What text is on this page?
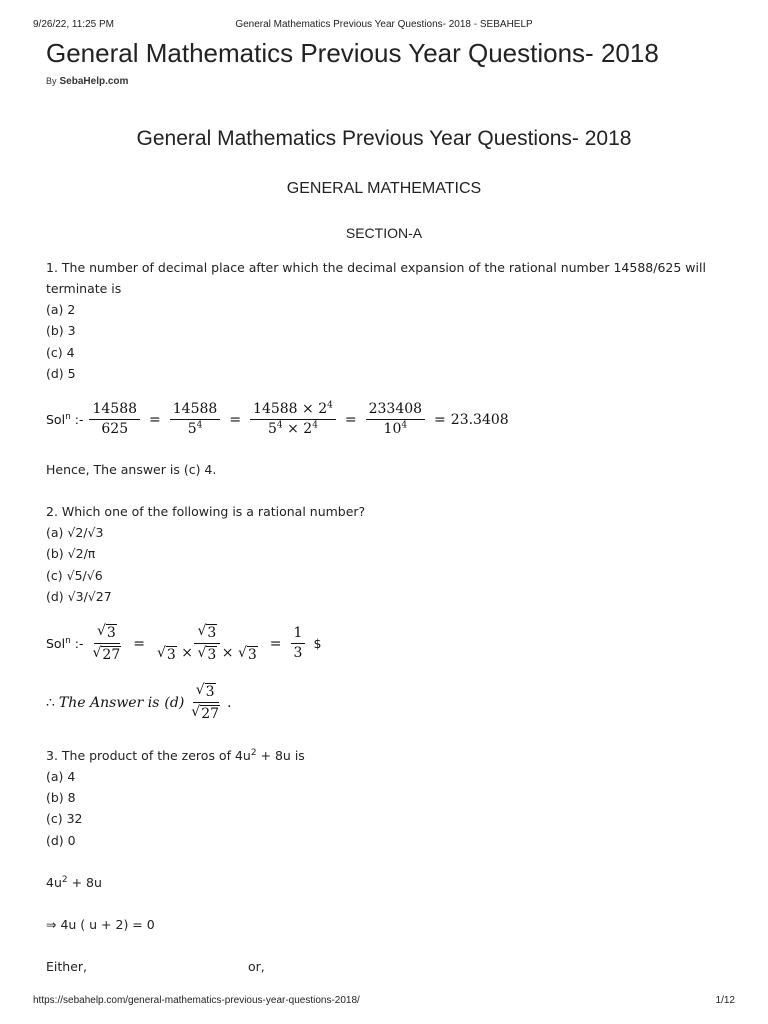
9/26/22, 11:25 PM	General Mathematics Previous Year Questions- 2018 - SEBAHELP
General Mathematics Previous Year Questions- 2018
By SebaHelp.com
General Mathematics Previous Year Questions- 2018
GENERAL MATHEMATICS
SECTION-A
1. The number of decimal place after which the decimal expansion of the rational number 14588/625 will
terminate is
(a) 2
(b) 3
(c) 4
(d) 5
Sol$^n$ :- $\frac{14588}{625} = \frac{14588}{5^4} = \frac{14588 \times 2^4}{5^4 \times 2^4} = \frac{233408}{10^4} = 23.3408$
Hence, The answer is (c) 4.
2. Which one of the following is a rational number?
(a) √2/√3
(b) √2/π
(c) √5/√6
(d) √3/√27
Sol$^n$ :- $\frac{√ 3}{√ 27} = \frac{√ 3}{√ 3 \times √ 3 \times √ 3} = \frac{1}{3}$ $
∴ The Answer is $(d) \frac{√ 3}{√ 27}$ .
3. The product of the zeros of $4u^2 + 8u$ is
(a) 4
(b) 8
(c) 32
(d) 0
$4u^2 + 8u$
⇒ 4u ( u + 2) = 0
Either,	or,
https://sebahelp.com/general-mathematics-previous-year-questions-2018/	1/12
